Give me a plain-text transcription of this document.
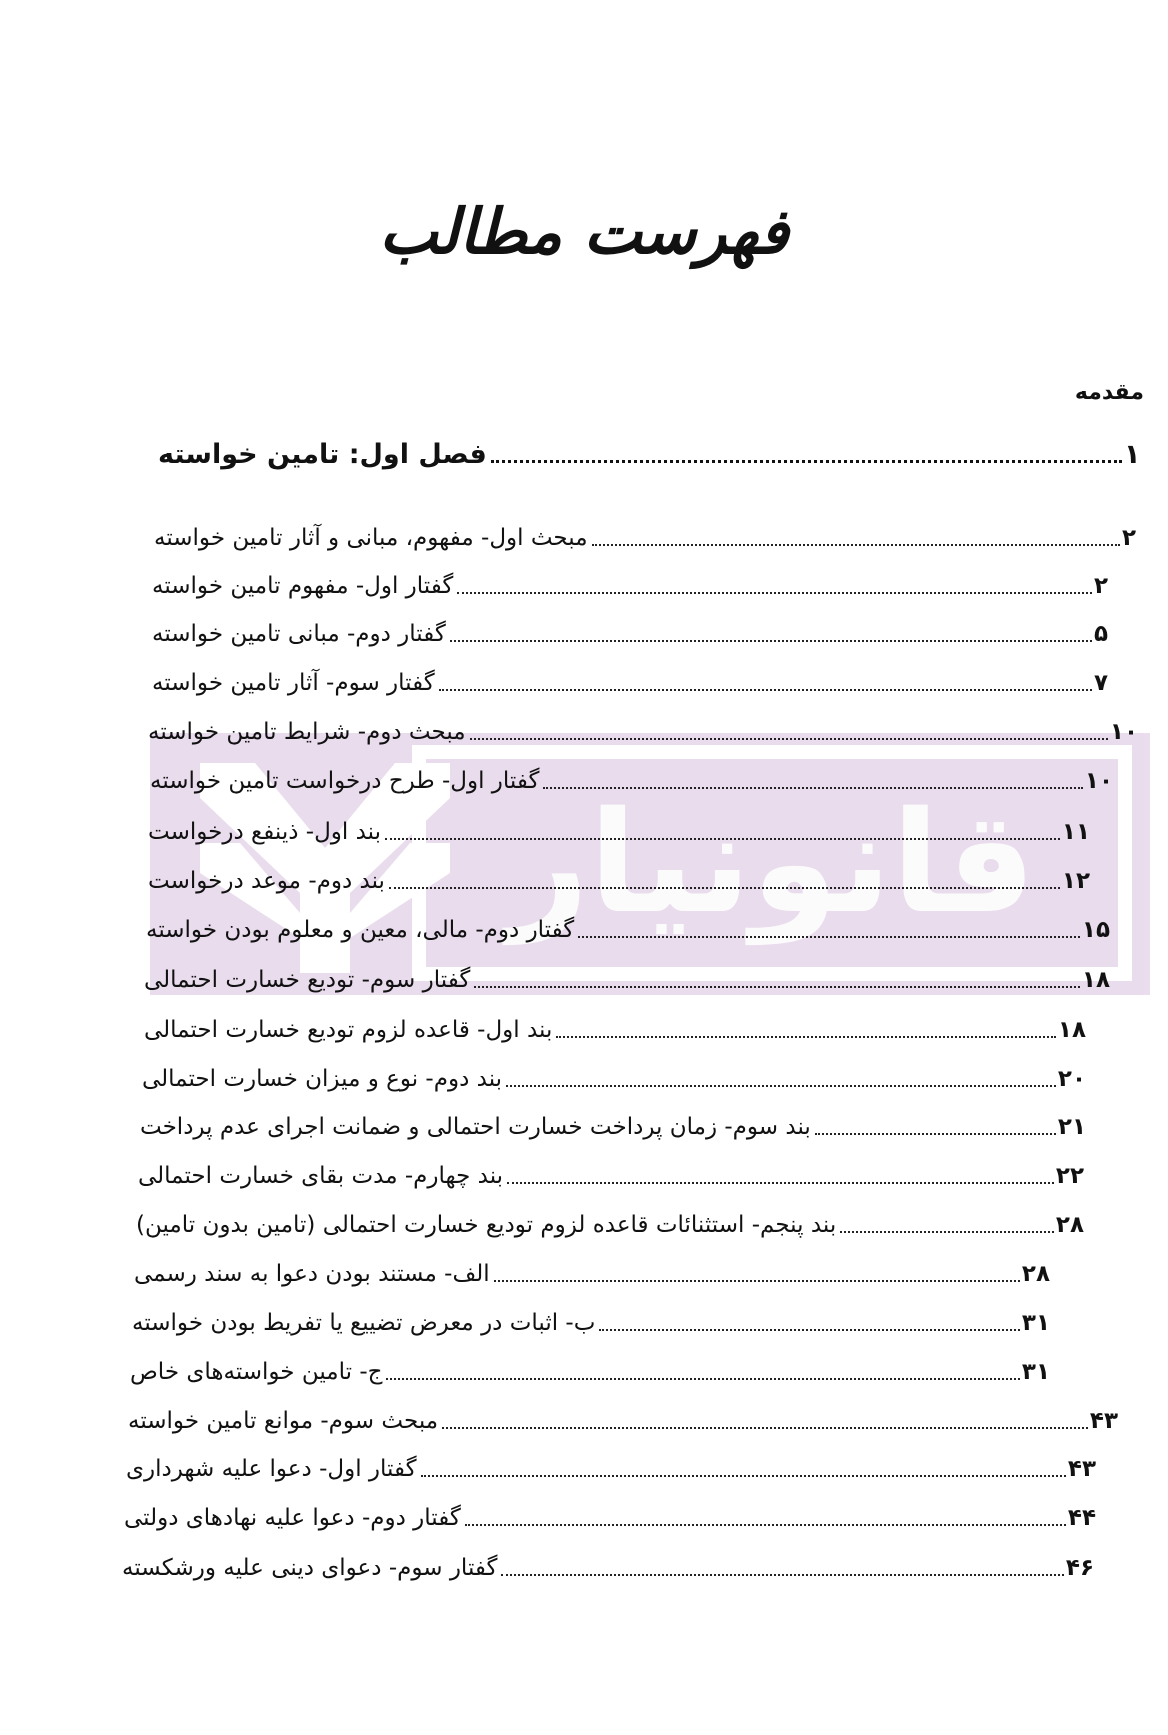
قانونیار
فهرست مطالب
مقدمه
فصل اول: تامین خواسته	۱
مبحث اول- مفهوم، مبانی و آثار تامین خواسته	۲
گفتار اول- مفهوم تامین خواسته	۲
گفتار دوم- مبانی تامین خواسته	۵
گفتار سوم- آثار تامین خواسته	۷
مبحث دوم- شرایط تامین خواسته	۱۰
گفتار اول- طرح درخواست تامین خواسته	۱۰
بند اول- ذینفع درخواست	۱۱
بند دوم- موعد درخواست	۱۲
گفتار دوم- مالی، معین و معلوم بودن خواسته	۱۵
گفتار سوم- تودیع خسارت احتمالی	۱۸
بند اول- قاعده لزوم تودیع خسارت احتمالی	۱۸
بند دوم- نوع و میزان خسارت احتمالی	۲۰
بند سوم- زمان پرداخت خسارت احتمالی و ضمانت اجرای عدم پرداخت	۲۱
بند چهارم- مدت بقای خسارت احتمالی	۲۲
بند پنجم- استثنائات قاعده لزوم تودیع خسارت احتمالی (تامین بدون تامین)	۲۸
الف- مستند بودن دعوا به سند رسمی	۲۸
ب- اثبات در معرض تضییع یا تفریط بودن خواسته	۳۱
ج- تامین خواسته‌های خاص	۳۱
مبحث سوم- موانع تامین خواسته	۴۳
گفتار اول- دعوا علیه شهرداری	۴۳
گفتار دوم- دعوا علیه نهادهای دولتی	۴۴
گفتار سوم- دعوای دینی علیه ورشکسته	۴۶
